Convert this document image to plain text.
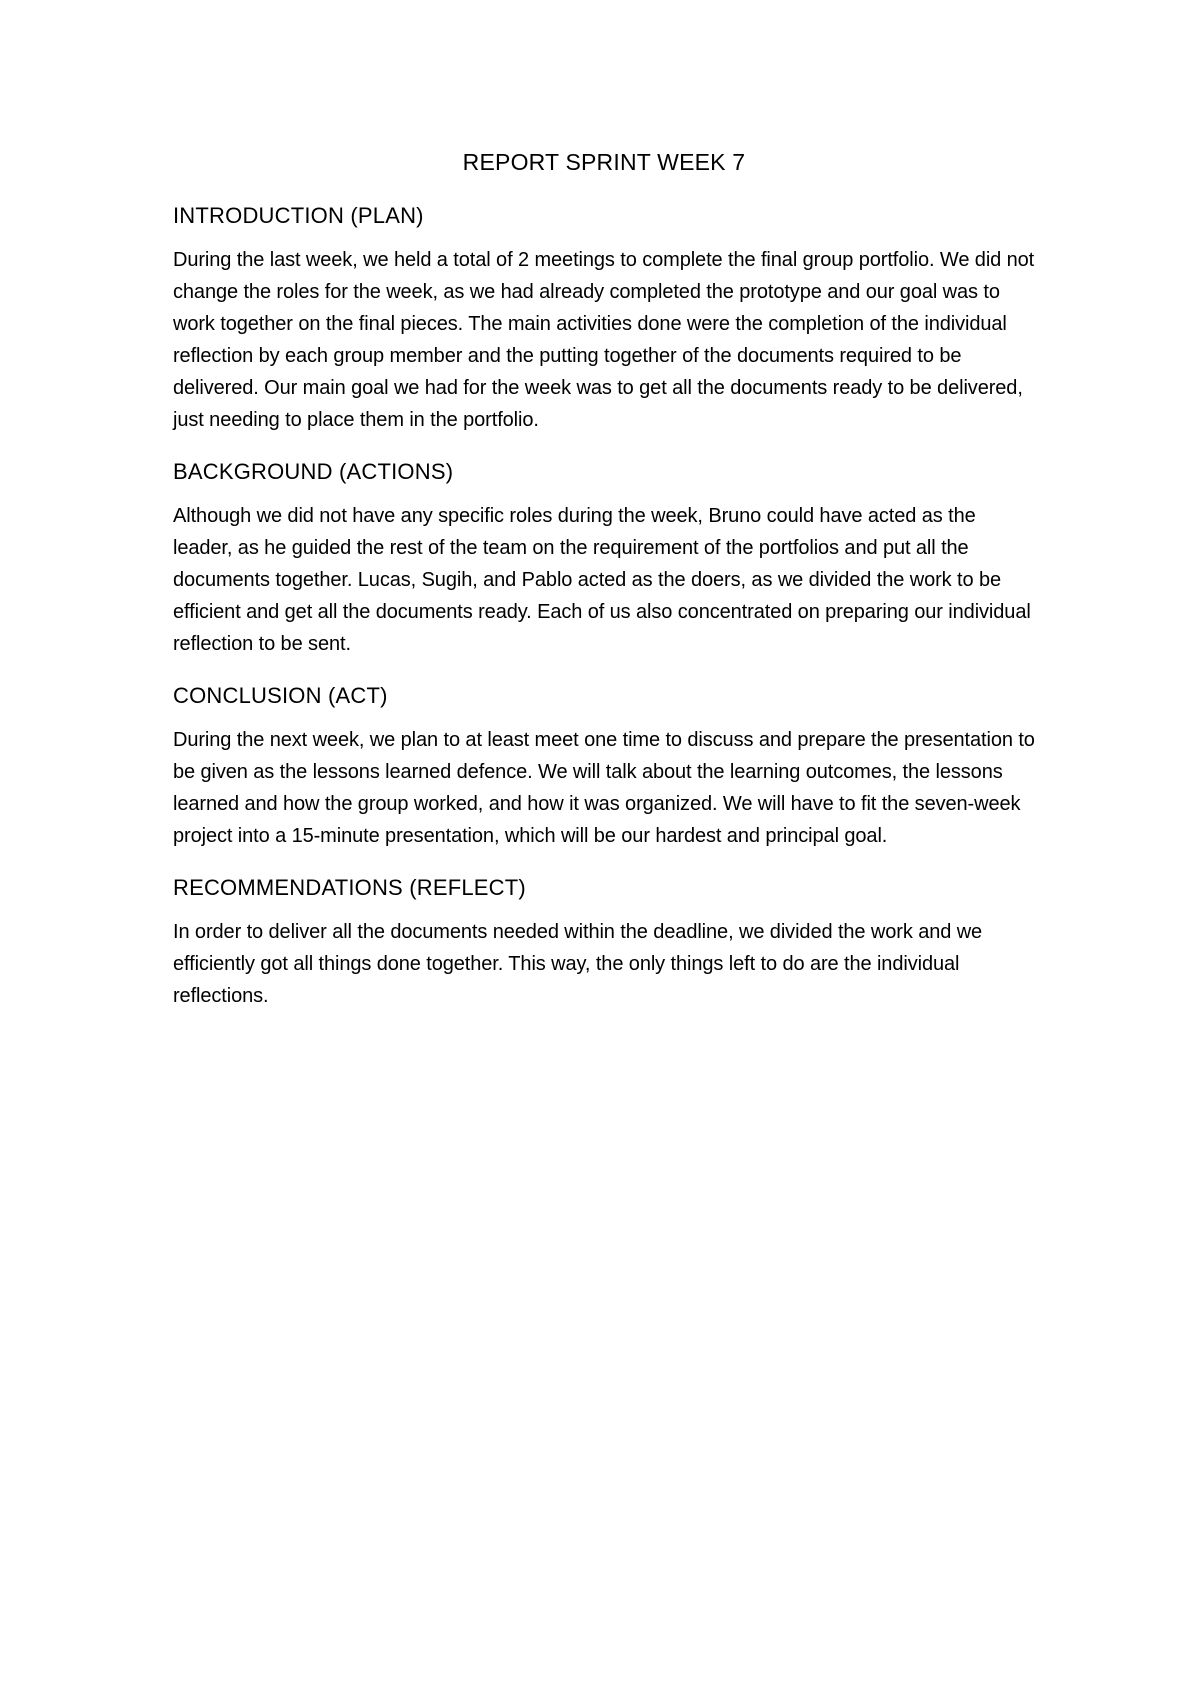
REPORT SPRINT WEEK 7
INTRODUCTION (PLAN)

During the last week, we held a total of 2 meetings to complete the final group portfolio. We did not change the roles for the week, as we had already completed the prototype and our goal was to work together on the final pieces. The main activities done were the completion of the individual reflection by each group member and the putting together of the documents required to be delivered. Our main goal we had for the week was to get all the documents ready to be delivered, just needing to place them in the portfolio.

BACKGROUND (ACTIONS)

Although we did not have any specific roles during the week, Bruno could have acted as the leader, as he guided the rest of the team on the requirement of the portfolios and put all the documents together. Lucas, Sugih, and Pablo acted as the doers, as we divided the work to be efficient and get all the documents ready. Each of us also concentrated on preparing our individual reflection to be sent.

CONCLUSION (ACT)

During the next week, we plan to at least meet one time to discuss and prepare the presentation to be given as the lessons learned defence. We will talk about the learning outcomes, the lessons learned and how the group worked, and how it was organized. We will have to fit the seven-week project into a 15-minute presentation, which will be our hardest and principal goal.

RECOMMENDATIONS (REFLECT)

In order to deliver all the documents needed within the deadline, we divided the work and we efficiently got all things done together. This way, the only things left to do are the individual reflections.
